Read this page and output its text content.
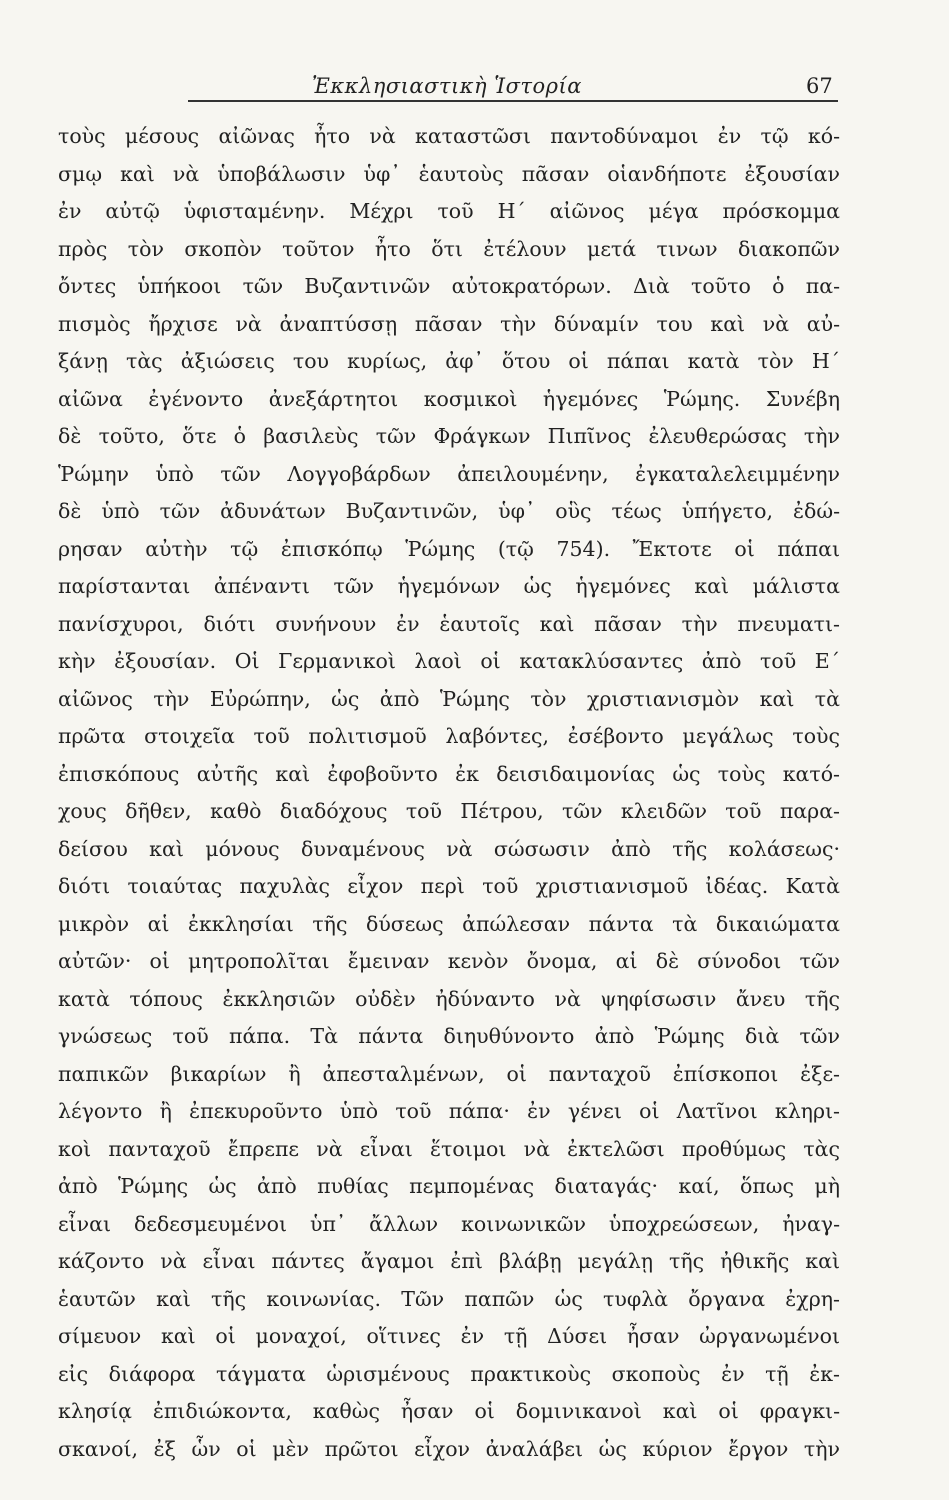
Ἐκκλησιαστικὴ Ἱστορία	67
τοὺς μέσους αἰῶνας ἦτο νὰ καταστῶσι παντοδύναμοι ἐν τῷ κό-
σμῳ καὶ νὰ ὑποβάλωσιν ὑφ᾽ ἑαυτοὺς πᾶσαν οἱανδήποτε ἐξουσίαν
ἐν αὐτῷ ὑφισταμένην. Μέχρι τοῦ Η΄ αἰῶνος μέγα πρόσκομμα
πρὸς τὸν σκοπὸν τοῦτον ἦτο ὅτι ἐτέλουν μετά τινων διακοπῶν
ὄντες ὑπήκοοι τῶν Βυζαντινῶν αὐτοκρατόρων. Διὰ τοῦτο ὁ πα-
πισμὸς ἤρχισε νὰ ἀναπτύσσῃ πᾶσαν τὴν δύναμίν του καὶ νὰ αὐ-
ξάνῃ τὰς ἀξιώσεις του κυρίως, ἀφ᾽ ὅτου οἱ πάπαι κατὰ τὸν Η΄
αἰῶνα ἐγένοντο ἀνεξάρτητοι κοσμικοὶ ἡγεμόνες Ῥώμης. Συνέβη
δὲ τοῦτο, ὅτε ὁ βασιλεὺς τῶν Φράγκων Πιπῖνος ἐλευθερώσας τὴν
Ῥώμην ὑπὸ τῶν Λογγοβάρδων ἀπειλουμένην, ἐγκαταλελειμμένην
δὲ ὑπὸ τῶν ἀδυνάτων Βυζαντινῶν, ὑφ᾽ οὓς τέως ὑπήγετο, ἐδώ-
ρησαν αὐτὴν τῷ ἐπισκόπῳ Ῥώμης (τῷ 754). Ἔκτοτε οἱ πάπαι
παρίστανται ἀπέναντι τῶν ἡγεμόνων ὡς ἡγεμόνες καὶ μάλιστα
πανίσχυροι, διότι συνήνουν ἐν ἑαυτοῖς καὶ πᾶσαν τὴν πνευματι-
κὴν ἐξουσίαν. Οἱ Γερμανικοὶ λαοὶ οἱ κατακλύσαντες ἀπὸ τοῦ Ε΄
αἰῶνος τὴν Εὐρώπην, ὡς ἀπὸ Ῥώμης τὸν χριστιανισμὸν καὶ τὰ
πρῶτα στοιχεῖα τοῦ πολιτισμοῦ λαβόντες, ἐσέβοντο μεγάλως τοὺς
ἐπισκόπους αὐτῆς καὶ ἐφοβοῦντο ἐκ δεισιδαιμονίας ὡς τοὺς κατό-
χους δῆθεν, καθὸ διαδόχους τοῦ Πέτρου, τῶν κλειδῶν τοῦ παρα-
δείσου καὶ μόνους δυναμένους νὰ σώσωσιν ἀπὸ τῆς κολάσεως·
διότι τοιαύτας παχυλὰς εἶχον περὶ τοῦ χριστιανισμοῦ ἰδέας. Κατὰ
μικρὸν αἱ ἐκκλησίαι τῆς δύσεως ἀπώλεσαν πάντα τὰ δικαιώματα
αὐτῶν· οἱ μητροπολῖται ἔμειναν κενὸν ὄνομα, αἱ δὲ σύνοδοι τῶν
κατὰ τόπους ἐκκλησιῶν οὐδὲν ἠδύναντο νὰ ψηφίσωσιν ἄνευ τῆς
γνώσεως τοῦ πάπα. Τὰ πάντα διηυθύνοντο ἀπὸ Ῥώμης διὰ τῶν
παπικῶν βικαρίων ἢ ἀπεσταλμένων, οἱ πανταχοῦ ἐπίσκοποι ἐξε-
λέγοντο ἢ ἐπεκυροῦντο ὑπὸ τοῦ πάπα· ἐν γένει οἱ Λατῖνοι κληρι-
κοὶ πανταχοῦ ἔπρεπε νὰ εἶναι ἕτοιμοι νὰ ἐκτελῶσι προθύμως τὰς
ἀπὸ Ῥώμης ὡς ἀπὸ πυθίας πεμπομένας διαταγάς· καί, ὅπως μὴ
εἶναι δεδεσμευμένοι ὑπ᾽ ἄλλων κοινωνικῶν ὑποχρεώσεων, ἠναγ-
κάζοντο νὰ εἶναι πάντες ἄγαμοι ἐπὶ βλάβῃ μεγάλῃ τῆς ἠθικῆς καὶ
ἑαυτῶν καὶ τῆς κοινωνίας. Τῶν παπῶν ὡς τυφλὰ ὄργανα ἐχρη-
σίμευον καὶ οἱ μοναχοί, οἵτινες ἐν τῇ Δύσει ἦσαν ὠργανωμένοι
εἰς διάφορα τάγματα ὡρισμένους πρακτικοὺς σκοποὺς ἐν τῇ ἐκ-
κλησίᾳ ἐπιδιώκοντα, καθὼς ἦσαν οἱ δομινικανοὶ καὶ οἱ φραγκι-
σκανοί, ἐξ ὧν οἱ μὲν πρῶτοι εἶχον ἀναλάβει ὡς κύριον ἔργον τὴν
